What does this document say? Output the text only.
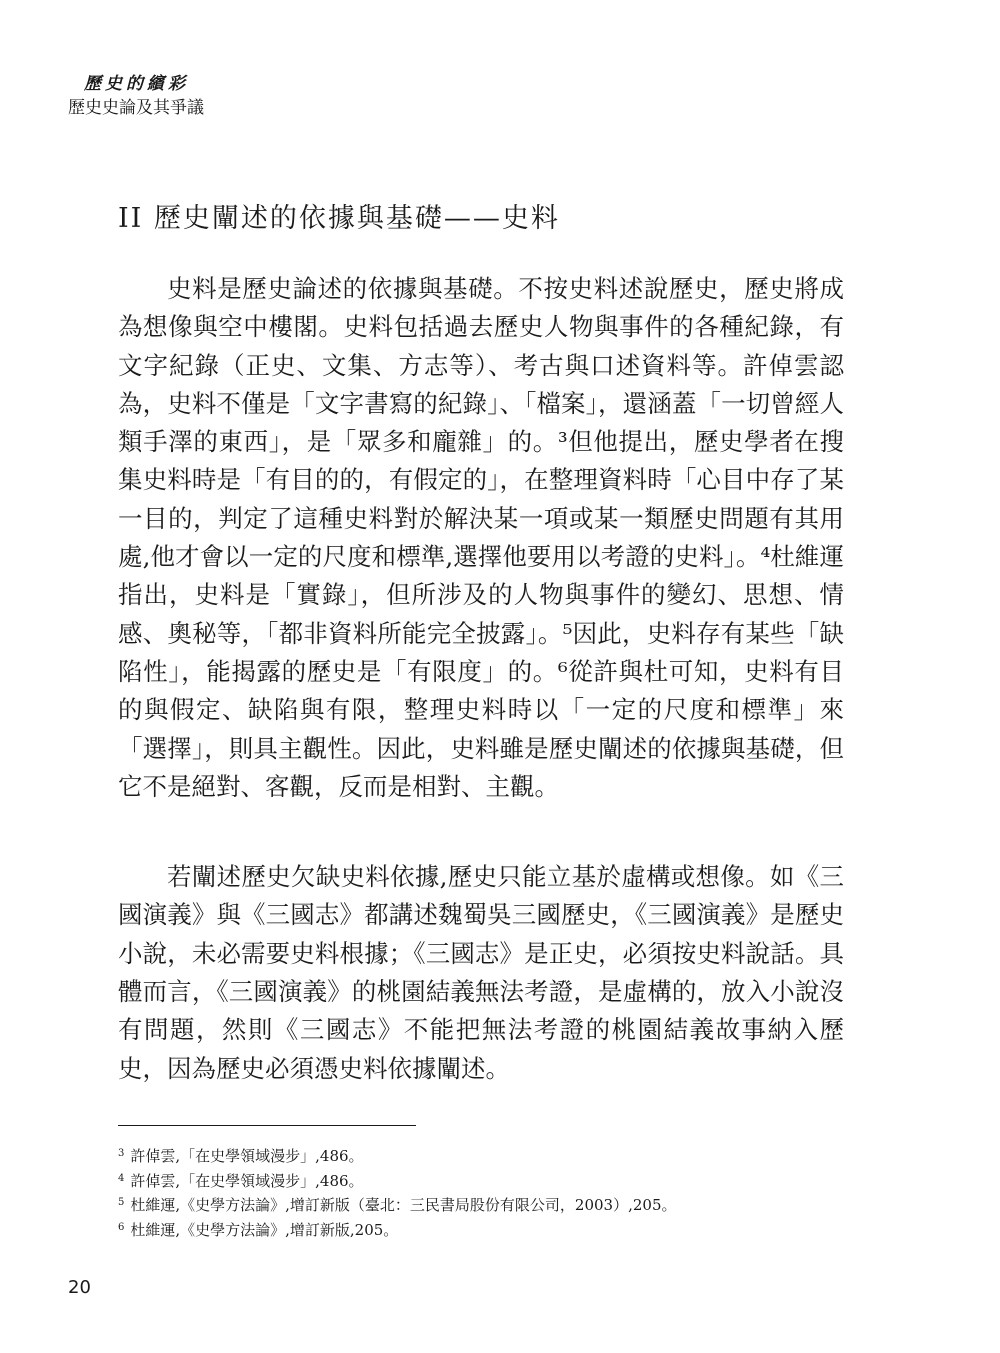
歷史的繽彩
歷史史論及其爭議
II 歷史闡述的依據與基礎——史料

史料是歷史論述的依據與基礎。不按史料述說歷史，歷史將成為想像與空中樓閣。史料包括過去歷史人物與事件的各種紀錄，有文字紀錄（正史、文集、方志等）、考古與口述資料等。許倬雲認為，史料不僅是「文字書寫的紀錄」、「檔案」，還涵蓋「一切曾經人類手澤的東西」，是「眾多和龐雜」的。³但他提出，歷史學者在搜集史料時是「有目的的，有假定的」，在整理資料時「心目中存了某一目的，判定了這種史料對於解決某一項或某一類歷史問題有其用處,他才會以一定的尺度和標準,選擇他要用以考證的史料」。⁴杜維運指出，史料是「實錄」，但所涉及的人物與事件的變幻、思想、情感、奧秘等，「都非資料所能完全披露」。⁵因此，史料存有某些「缺陷性」，能揭露的歷史是「有限度」的。⁶從許與杜可知，史料有目的與假定、缺陷與有限，整理史料時以「一定的尺度和標準」來「選擇」，則具主觀性。因此，史料雖是歷史闡述的依據與基礎，但它不是絕對、客觀，反而是相對、主觀。

若闡述歷史欠缺史料依據,歷史只能立基於虛構或想像。如《三國演義》與《三國志》都講述魏蜀吳三國歷史，《三國演義》是歷史小說，未必需要史料根據；《三國志》是正史，必須按史料說話。具體而言，《三國演義》的桃園結義無法考證，是虛構的，放入小說沒有問題，然則《三國志》不能把無法考證的桃園結義故事納入歷史，因為歷史必須憑史料依據闡述。

$^3$ 許倬雲,「在史學領域漫步」,486。

$^4$ 許倬雲,「在史學領域漫步」,486。

$^5$ 杜維運,《史學方法論》,增訂新版（臺北：三民書局股份有限公司，2003）,205。

$^6$ 杜維運,《史學方法論》,增訂新版,205。

20
